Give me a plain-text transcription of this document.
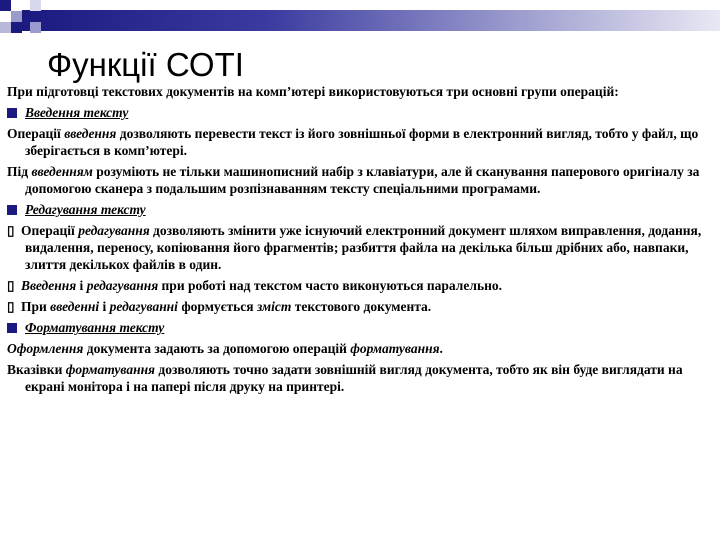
Функції СОТІ

При підготовці текстових документів на комп’ютері використовуються три основні групи операцій:

Введення тексту

Операції введення дозволяють перевести текст із його зовнішньої форми в електронний вигляд, тобто у файл, що зберігається в комп’ютері.

Під введенням розуміють не тільки машинописний набір з клавіатури, але й сканування паперового оригіналу за допомогою сканера з подальшим розпізнаванням тексту спеціальними програмами.

Редагування тексту

▯ Операції редагування дозволяють змінити уже існуючий електронний документ шляхом виправлення, додання, видалення, переносу, копіювання його фрагментів; разбиття файла на декілька більш дрібних або, навпаки, злиття декількох файлів в один.

▯ Введення і редагування при роботі над текстом часто виконуються паралельно.

▯ При введенні і редагуванні формується зміст текстового документа.

Форматування тексту

Оформлення документа задають за допомогою операцій форматування.

Вказівки форматування дозволяють точно задати зовнішній вигляд документа, тобто як він буде виглядати на екрані монітора і на папері після друку на принтері.
